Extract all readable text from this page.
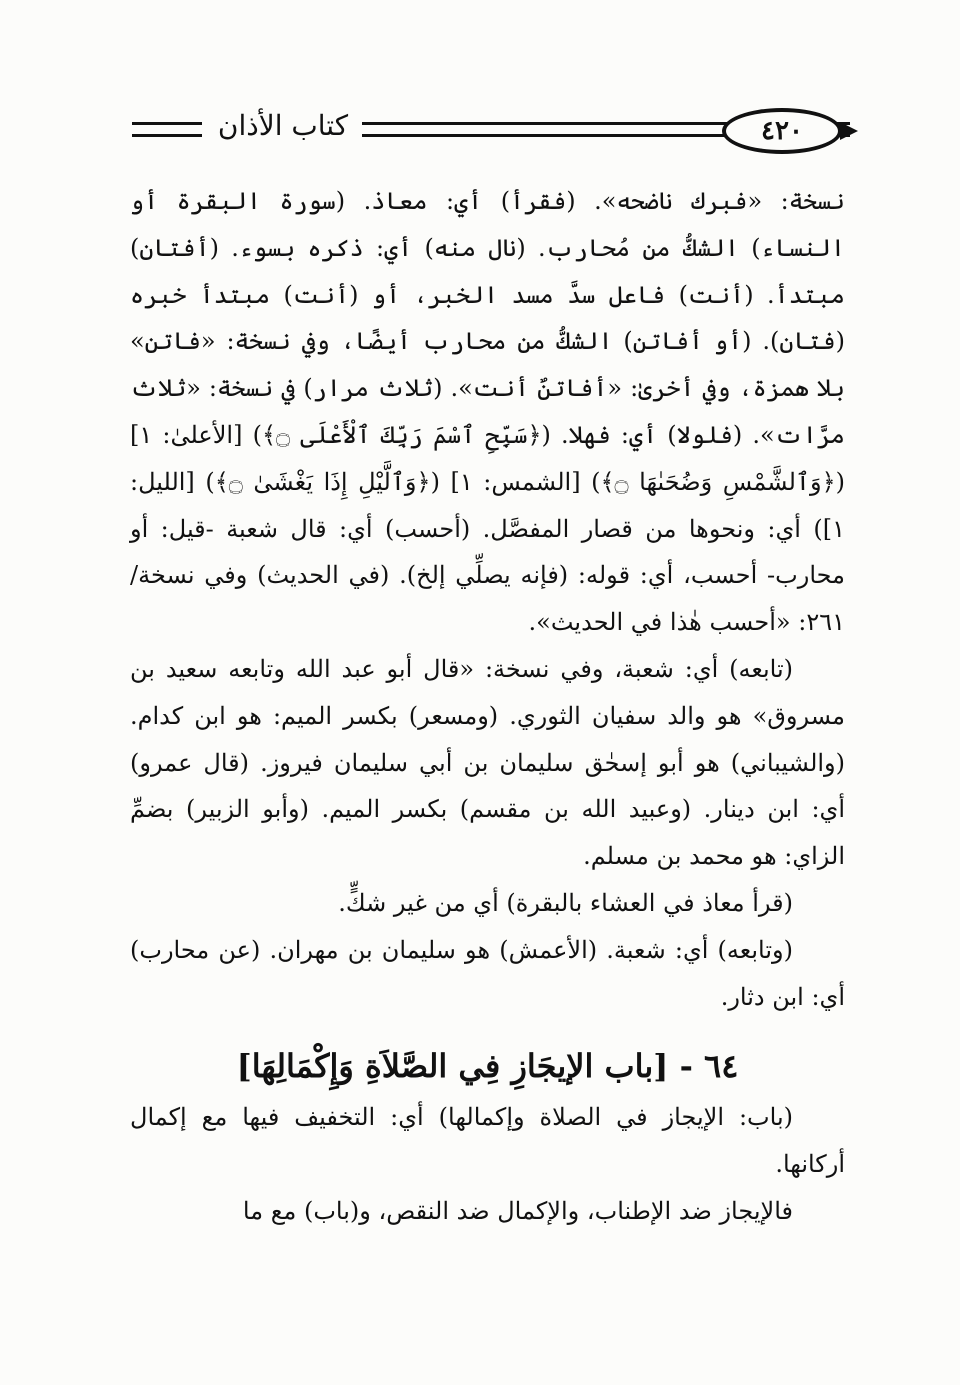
كتاب الأذان	٤٢٠

نسخة: «فبرك ناضحه». (فقرأ) أي: معاذ. (سورة البقرة أو النساء) الشكُّ من مُحارب. (نال منه) أي: ذكره بسوء. (أفتان) مبتدأ. (أنت) فاعل سدَّ مسد الخبر، أو (أنت) مبتدأ خبره (فتان). (أو أفاتن) الشكُّ من محارب أيضًا، وفي نسخة: «فاتن» بلا همزة، وفي أخرىٰ: «أفاتنٌ أنت». (ثلاث مرار) في نسخة: «ثلاث مرَّات». (فلولا) أي: فهلا. (﴿سَبِّحِ ٱسْمَ رَبِّكَ ٱلْأَعْلَى ۝﴾) [الأعلىٰ: ١] (﴿وَٱلشَّمْسِ وَضُحَىٰهَا ۝﴾) [الشمس: ١] (﴿وَٱلَّيْلِ إِذَا يَغْشَىٰ ۝﴾) [الليل: ١]) أي: ونحوها من قصار المفصَّل. (أحسب) أي: قال شعبة -قيل: أو محارب- أحسب، أي: قوله: (فإنه يصلِّي إلخ). (في الحديث) وفي نسخة/ ٢٦١: «أحسب هٰذا في الحديث».

(تابعه) أي: شعبة، وفي نسخة: «قال أبو عبد الله وتابعه سعيد بن مسروق» هو والد سفيان الثوري. (ومسعر) بكسر الميم: هو ابن كدام. (والشيباني) هو أبو إسحٰق سليمان بن أبي سليمان فيروز. (قال عمرو) أي: ابن دينار. (وعبيد الله بن مقسم) بكسر الميم. (وأبو الزبير) بضمِّ الزاي: هو محمد بن مسلم.

(قرأ معاذ في العشاء بالبقرة) أي من غير شكٍّ.

(وتابعه) أي: شعبة. (الأعمش) هو سليمان بن مهران. (عن محارب) أي: ابن دثار.

٦٤ - [باب الإيجَازِ فِي الصَّلاَةِ وَإِكْمَالِهَا]

(باب: الإيجاز في الصلاة وإكمالها) أي: التخفيف فيها مع إكمال أركانها.

فالإيجاز ضد الإطناب، والإكمال ضد النقص، و(باب) مع ما
